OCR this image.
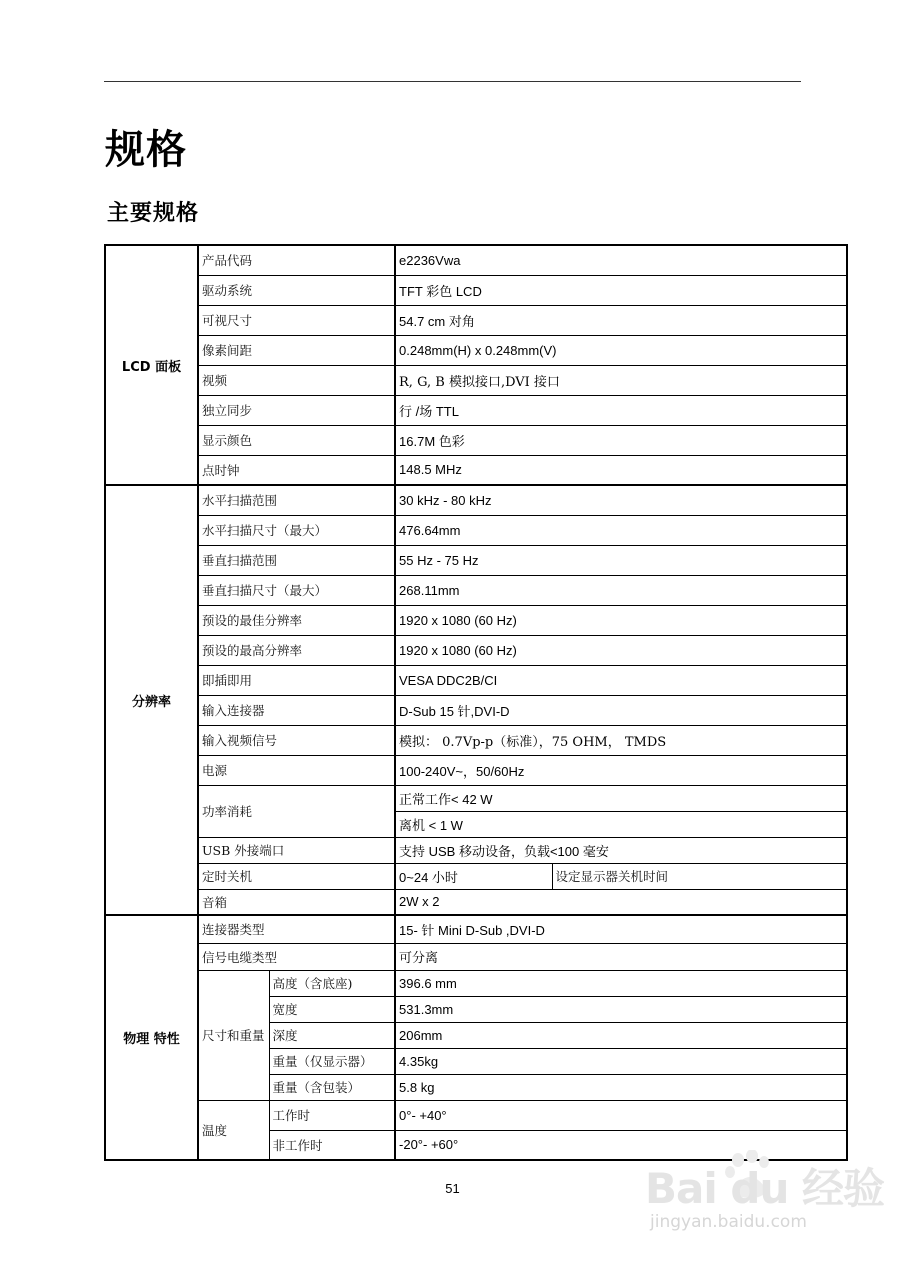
规格
主要规格
LCD 面板	产品代码		e2236Vwa	
	驱动系统		TFT 彩色 LCD	
	可视尺寸		54.7 cm 对角	
	像素间距		0.248mm(H) x 0.248mm(V)	
	视频		R, G, B 模拟接口,DVI 接口	
	独立同步		行 /场 TTL	
	显示颜色		16.7M 色彩	
	点时钟		148.5 MHz	
分辨率	水平扫描范围		30 kHz - 80 kHz	
	水平扫描尺寸（最大）		476.64mm	
	垂直扫描范围		55 Hz - 75 Hz	
	垂直扫描尺寸（最大）		268.11mm	
	预设的最佳分辨率		1920 x 1080 (60 Hz)	
	预设的最高分辨率		1920 x 1080 (60 Hz)	
	即插即用		VESA DDC2B/CI	
	输入连接器		D-Sub 15 针,DVI-D	
	输入视频信号		模拟： 0.7Vp-p（标准），75 OHM， TMDS	
	电源		100-240V~，50/60Hz	
	功率消耗		正常工作< 42 W	
			离机 < 1 W	
	USB 外接端口		支持 USB 移动设备，负载<100 毫安	
	定时关机		0~24 小时	设定显示器关机时间
	音箱		2W x 2	
物理 特性	连接器类型		15- 针 Mini D-Sub ,DVI-D	
	信号电缆类型		可分离	
	尺寸和重量	高度（含底座)	396.6 mm	
		宽度	531.3mm	
		深度	206mm	
		重量（仅显示器）	4.35kg	
		重量（含包装）	5.8 kg	
	温度	工作时	0°- +40°	
		非工作时	-20°- +60°	
51	Bai du 经验
jingyan.baidu.com
